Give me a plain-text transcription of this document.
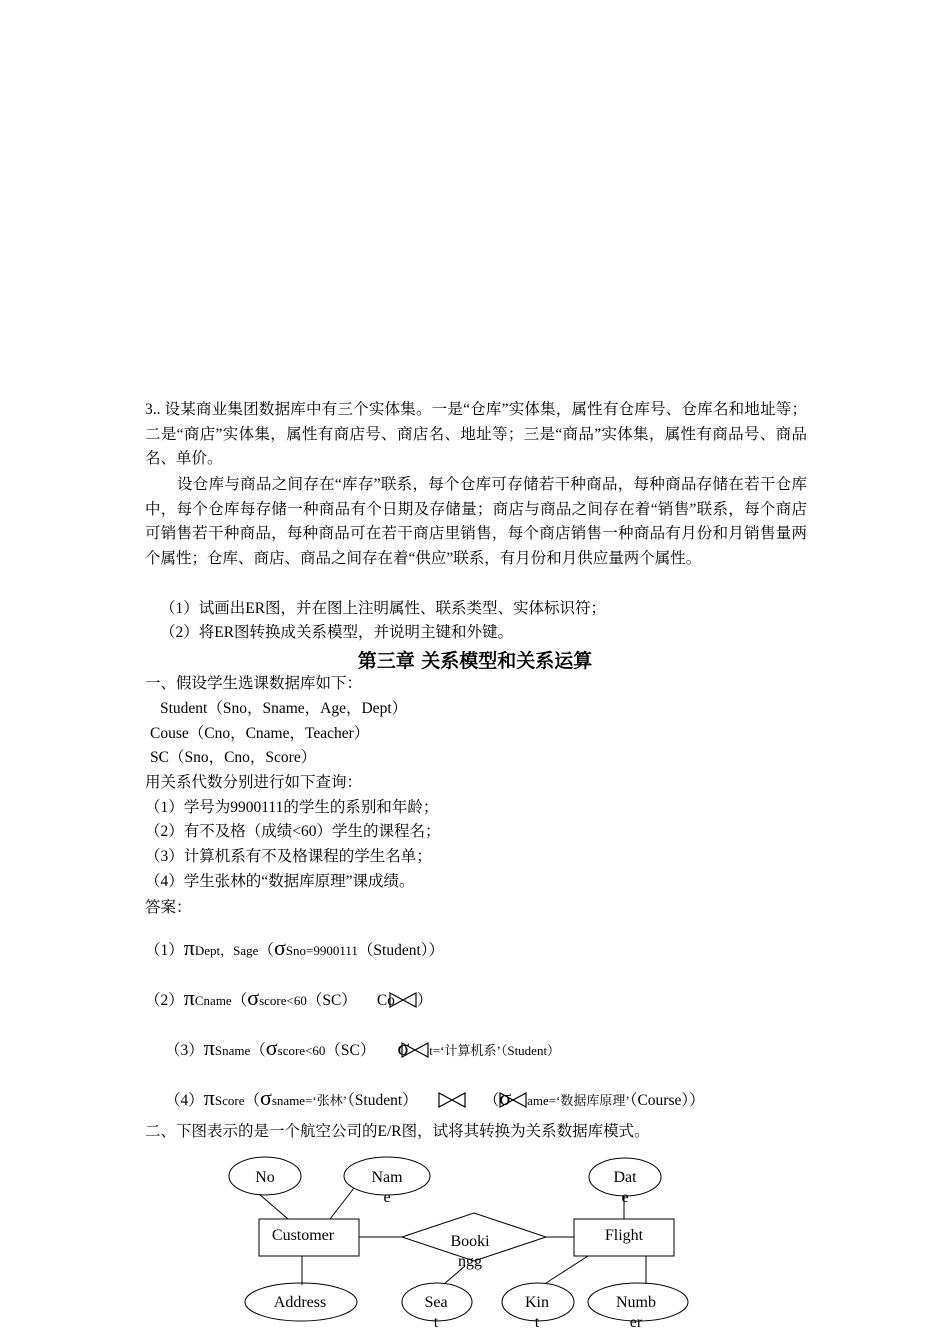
3.. 设某商业集团数据库中有三个实体集。一是“仓库”实体集，属性有仓库号、仓库名和地址等；二是“商店”实体集，属性有商店号、商店名、地址等；三是“商品”实体集，属性有商品号、商品名、单价。
设仓库与商品之间存在“库存”联系，每个仓库可存储若干种商品，每种商品存储在若干仓库中，每个仓库每存储一种商品有个日期及存储量；商店与商品之间存在着“销售”联系，每个商店可销售若干种商品，每种商品可在若干商店里销售，每个商店销售一种商品有月份和月销售量两个属性；仓库、商店、商品之间存在着“供应”联系，有月份和月供应量两个属性。
（1）试画出ER图，并在图上注明属性、联系类型、实体标识符；
（2）将ER图转换成关系模型，并说明主键和外键。
第三章 关系模型和关系运算
一、假设学生选课数据库如下：
Student（Sno，Sname，Age，Dept）
Couse（Cno，Cname，Teacher）
SC（Sno，Cno，Score）
用关系代数分别进行如下查询：
（1）学号为9900111的学生的系别和年龄；
（2）有不及格（成绩<60）学生的课程名；
（3）计算机系有不及格课程的学生名单；
（4）学生张林的“数据库原理”课成绩。
答案：
（1）πDept，Sage（σSno=9900111（Student））
（2）πCname（σscore<60（SC） Co ）
（3）πSname（σscore<60（SC） σ t=‘计算机系’（Student）
（4）πScore（σsname=‘张林’（Student）	（σ ame=‘数据库原理’（Course））
二、下图表示的是一个航空公司的E/R图，试将其转换为关系数据库模式。
No	Nam
e
Dat
e
Customer	Flight
Booki
ngg
Address	Sea
t
Kin
t
Numb
er
